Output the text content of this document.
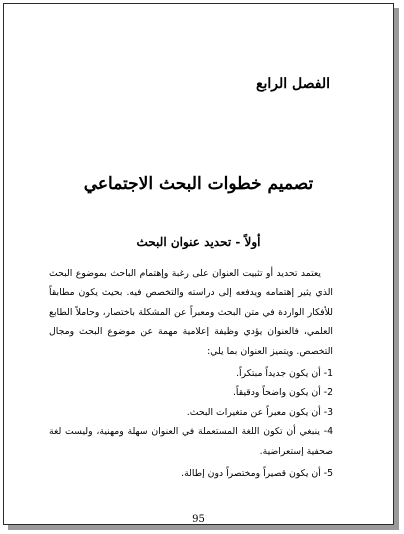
الفصل الرابع
تصميم خطوات البحث الاجتماعي
أولاً - تحديد عنوان البحث

يعتمد تحديد أو تثبيت العنوان على رغبة وإهتمام الباحث بموضوع البحث الذي يثير إهتمامه ويدفعه إلى دراسته والتخصص فيه. بحيث يكون مطابقاً للأفكار الواردة في متن البحث ومعبراً عن المشكلة باختصار، وحاملاً الطابع العلمي، فالعنوان يؤدي وظيفة إعلامية مهمة عن موضوع البحث ومجال التخصص. ويتميز العنوان بما يلي:

1- أن يكون جديداً مبتكراً.

2- أن يكون واضحاً ودقيقاً.

3- أن يكون معبراً عن متغيرات البحث.

4- ينبغي أن تكون اللغة المستعملة في العنوان سهلة ومهنية، وليست لغة صحفية إستعراضية.

5- أن يكون قصيراً ومختصراً دون إطالة.

95
